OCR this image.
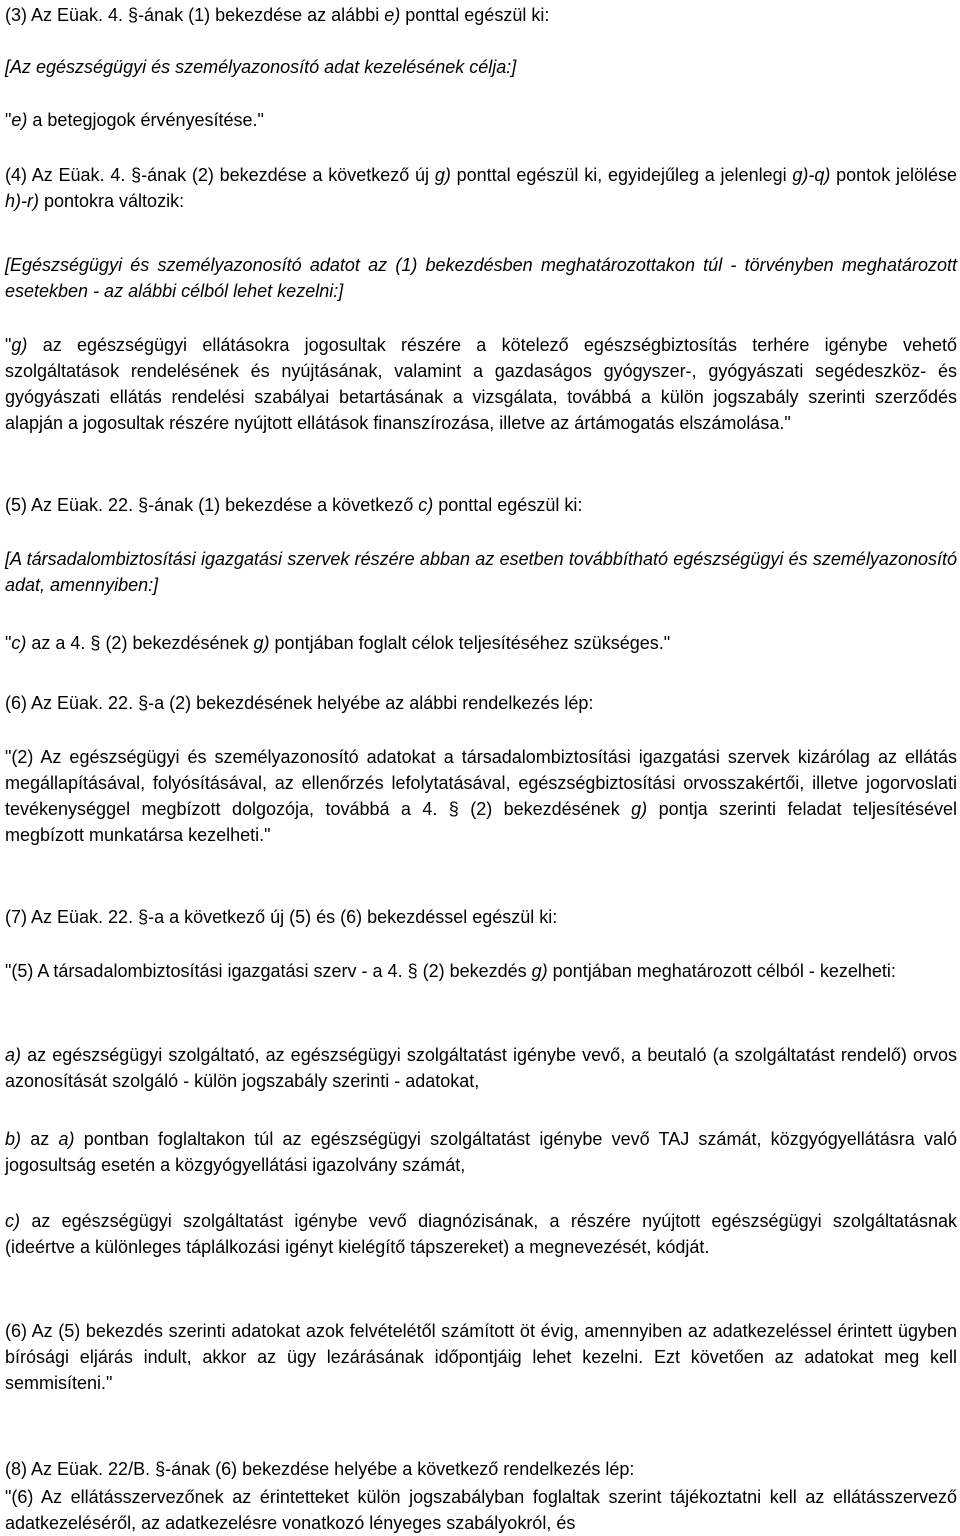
(3) Az Eüak. 4. §-ának (1) bekezdése az alábbi e) ponttal egészül ki:

[Az egészségügyi és személyazonosító adat kezelésének célja:]

"e) a betegjogok érvényesítése."

(4) Az Eüak. 4. §-ának (2) bekezdése a következő új g) ponttal egészül ki, egyidejűleg a jelenlegi g)-q) pontok jelölése h)-r) pontokra változik:

[Egészségügyi és személyazonosító adatot az (1) bekezdésben meghatározottakon túl - törvényben meghatározott esetekben - az alábbi célból lehet kezelni:]

"g) az egészségügyi ellátásokra jogosultak részére a kötelező egészségbiztosítás terhére igénybe vehető szolgáltatások rendelésének és nyújtásának, valamint a gazdaságos gyógyszer-, gyógyászati segédeszköz- és gyógyászati ellátás rendelési szabályai betartásának a vizsgálata, továbbá a külön jogszabály szerinti szerződés alapján a jogosultak részére nyújtott ellátások finanszírozása, illetve az ártámogatás elszámolása."

(5) Az Eüak. 22. §-ának (1) bekezdése a következő c) ponttal egészül ki:

[A társadalombiztosítási igazgatási szervek részére abban az esetben továbbítható egészségügyi és személyazonosító adat, amennyiben:]

"c) az a 4. § (2) bekezdésének g) pontjában foglalt célok teljesítéséhez szükséges."

(6) Az Eüak. 22. §-a (2) bekezdésének helyébe az alábbi rendelkezés lép:

"(2) Az egészségügyi és személyazonosító adatokat a társadalombiztosítási igazgatási szervek kizárólag az ellátás megállapításával, folyósításával, az ellenőrzés lefolytatásával, egészségbiztosítási orvosszakértői, illetve jogorvoslati tevékenységgel megbízott dolgozója, továbbá a 4. § (2) bekezdésének g) pontja szerinti feladat teljesítésével megbízott munkatársa kezelheti."

(7) Az Eüak. 22. §-a a következő új (5) és (6) bekezdéssel egészül ki:

"(5) A társadalombiztosítási igazgatási szerv - a 4. § (2) bekezdés g) pontjában meghatározott célból - kezelheti:

a) az egészségügyi szolgáltató, az egészségügyi szolgáltatást igénybe vevő, a beutaló (a szolgáltatást rendelő) orvos azonosítását szolgáló - külön jogszabály szerinti - adatokat,

b) az a) pontban foglaltakon túl az egészségügyi szolgáltatást igénybe vevő TAJ számát, közgyógyellátásra való jogosultság esetén a közgyógyellátási igazolvány számát,

c) az egészségügyi szolgáltatást igénybe vevő diagnózisának, a részére nyújtott egészségügyi szolgáltatásnak (ideértve a különleges táplálkozási igényt kielégítő tápszereket) a megnevezését, kódját.

(6) Az (5) bekezdés szerinti adatokat azok felvételétől számított öt évig, amennyiben az adatkezeléssel érintett ügyben bírósági eljárás indult, akkor az ügy lezárásának időpontjáig lehet kezelni. Ezt követően az adatokat meg kell semmisíteni."

(8) Az Eüak. 22/B. §-ának (6) bekezdése helyébe a következő rendelkezés lép:

"(6) Az ellátásszervezőnek az érintetteket külön jogszabályban foglaltak szerint tájékoztatni kell az ellátásszervező adatkezeléséről, az adatkezelésre vonatkozó lényeges szabályokról, és
